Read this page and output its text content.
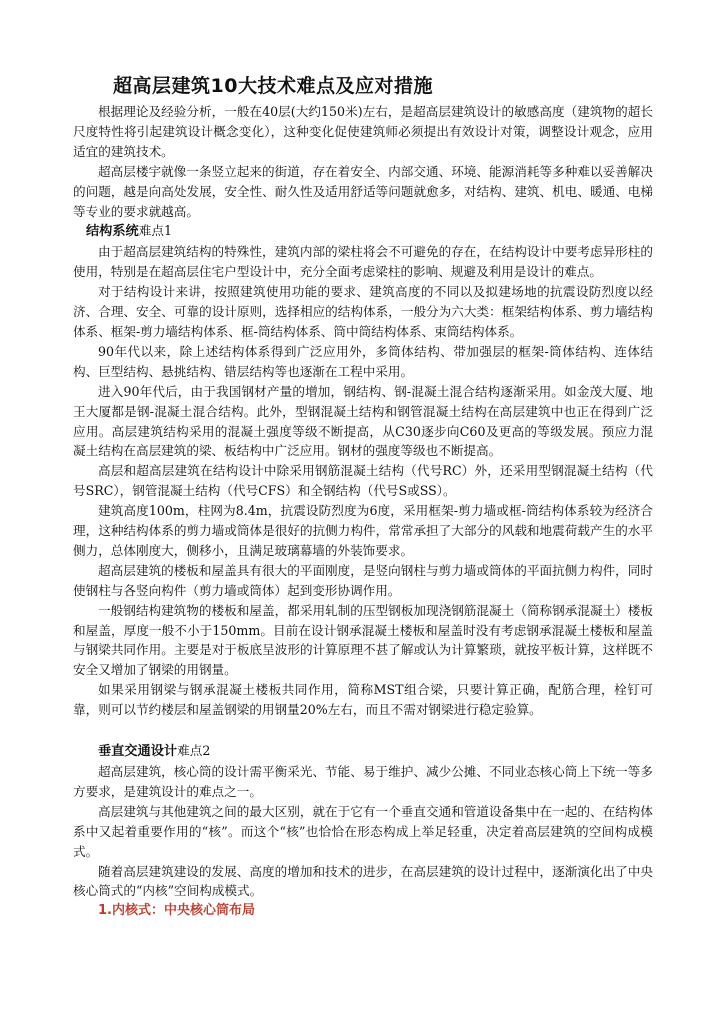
超高层建筑10大技术难点及应对措施

根据理论及经验分析，一般在40层(大约150米)左右，是超高层建筑设计的敏感高度（建筑物的超长尺度特性将引起建筑设计概念变化），这种变化促使建筑师必须提出有效设计对策，调整设计观念，应用适宜的建筑技术。

超高层楼宇就像一条竖立起来的街道，存在着安全、内部交通、环境、能源消耗等多种难以妥善解决的问题，越是向高处发展，安全性、耐久性及适用舒适等问题就愈多，对结构、建筑、机电、暖通、电梯等专业的要求就越高。

结构系统难点1

由于超高层建筑结构的特殊性，建筑内部的梁柱将会不可避免的存在，在结构设计中要考虑异形柱的使用，特别是在超高层住宅户型设计中，充分全面考虑梁柱的影响、规避及利用是设计的难点。

对于结构设计来讲，按照建筑使用功能的要求、建筑高度的不同以及拟建场地的抗震设防烈度以经济、合理、安全、可靠的设计原则，选择相应的结构体系，一般分为六大类：框架结构体系、剪力墙结构体系、框架-剪力墙结构体系、框-筒结构体系、筒中筒结构体系、束筒结构体系。

90年代以来，除上述结构体系得到广泛应用外，多筒体结构、带加强层的框架-筒体结构、连体结构、巨型结构、悬挑结构、错层结构等也逐渐在工程中采用。

进入90年代后，由于我国钢材产量的增加，钢结构、钢-混凝土混合结构逐渐采用。如金茂大厦、地王大厦都是钢-混凝土混合结构。此外，型钢混凝土结构和钢管混凝土结构在高层建筑中也正在得到广泛应用。高层建筑结构采用的混凝土强度等级不断提高，从C30逐步向C60及更高的等级发展。预应力混凝土结构在高层建筑的梁、板结构中广泛应用。钢材的强度等级也不断提高。

高层和超高层建筑在结构设计中除采用钢筋混凝土结构（代号RC）外，还采用型钢混凝土结构（代号SRC），钢管混凝土结构（代号CFS）和全钢结构（代号S或SS）。

建筑高度100m，柱网为8.4m，抗震设防烈度为6度，采用框架-剪力墙或框-筒结构体系较为经济合理，这种结构体系的剪力墙或筒体是很好的抗侧力构件，常常承担了大部分的风载和地震荷载产生的水平侧力，总体刚度大，侧移小，且满足玻璃幕墙的外装饰要求。

超高层建筑的楼板和屋盖具有很大的平面刚度，是竖向钢柱与剪力墙或筒体的平面抗侧力构件，同时使钢柱与各竖向构件（剪力墙或筒体）起到变形协调作用。

一般钢结构建筑物的楼板和屋盖，都采用轧制的压型钢板加现浇钢筋混凝土（简称钢承混凝土）楼板和屋盖，厚度一般不小于150mm。目前在设计钢承混凝土楼板和屋盖时没有考虑钢承混凝土楼板和屋盖与钢梁共同作用。主要是对于板底呈波形的计算原理不甚了解或认为计算繁琐，就按平板计算，这样既不安全又增加了钢梁的用钢量。

如果采用钢梁与钢承混凝土楼板共同作用，简称MST组合梁，只要计算正确，配筋合理，栓钉可靠，则可以节约楼层和屋盖钢梁的用钢量20%左右，而且不需对钢梁进行稳定验算。

垂直交通设计难点2

超高层建筑，核心筒的设计需平衡采光、节能、易于维护、减少公摊、不同业态核心筒上下统一等多方要求，是建筑设计的难点之一。

高层建筑与其他建筑之间的最大区别，就在于它有一个垂直交通和管道设备集中在一起的、在结构体系中又起着重要作用的“核”。而这个“核”也恰恰在形态构成上举足轻重，决定着高层建筑的空间构成模式。

随着高层建筑建设的发展、高度的增加和技术的进步，在高层建筑的设计过程中，逐渐演化出了中央核心筒式的“内核”空间构成模式。

1.内核式：中央核心筒布局
